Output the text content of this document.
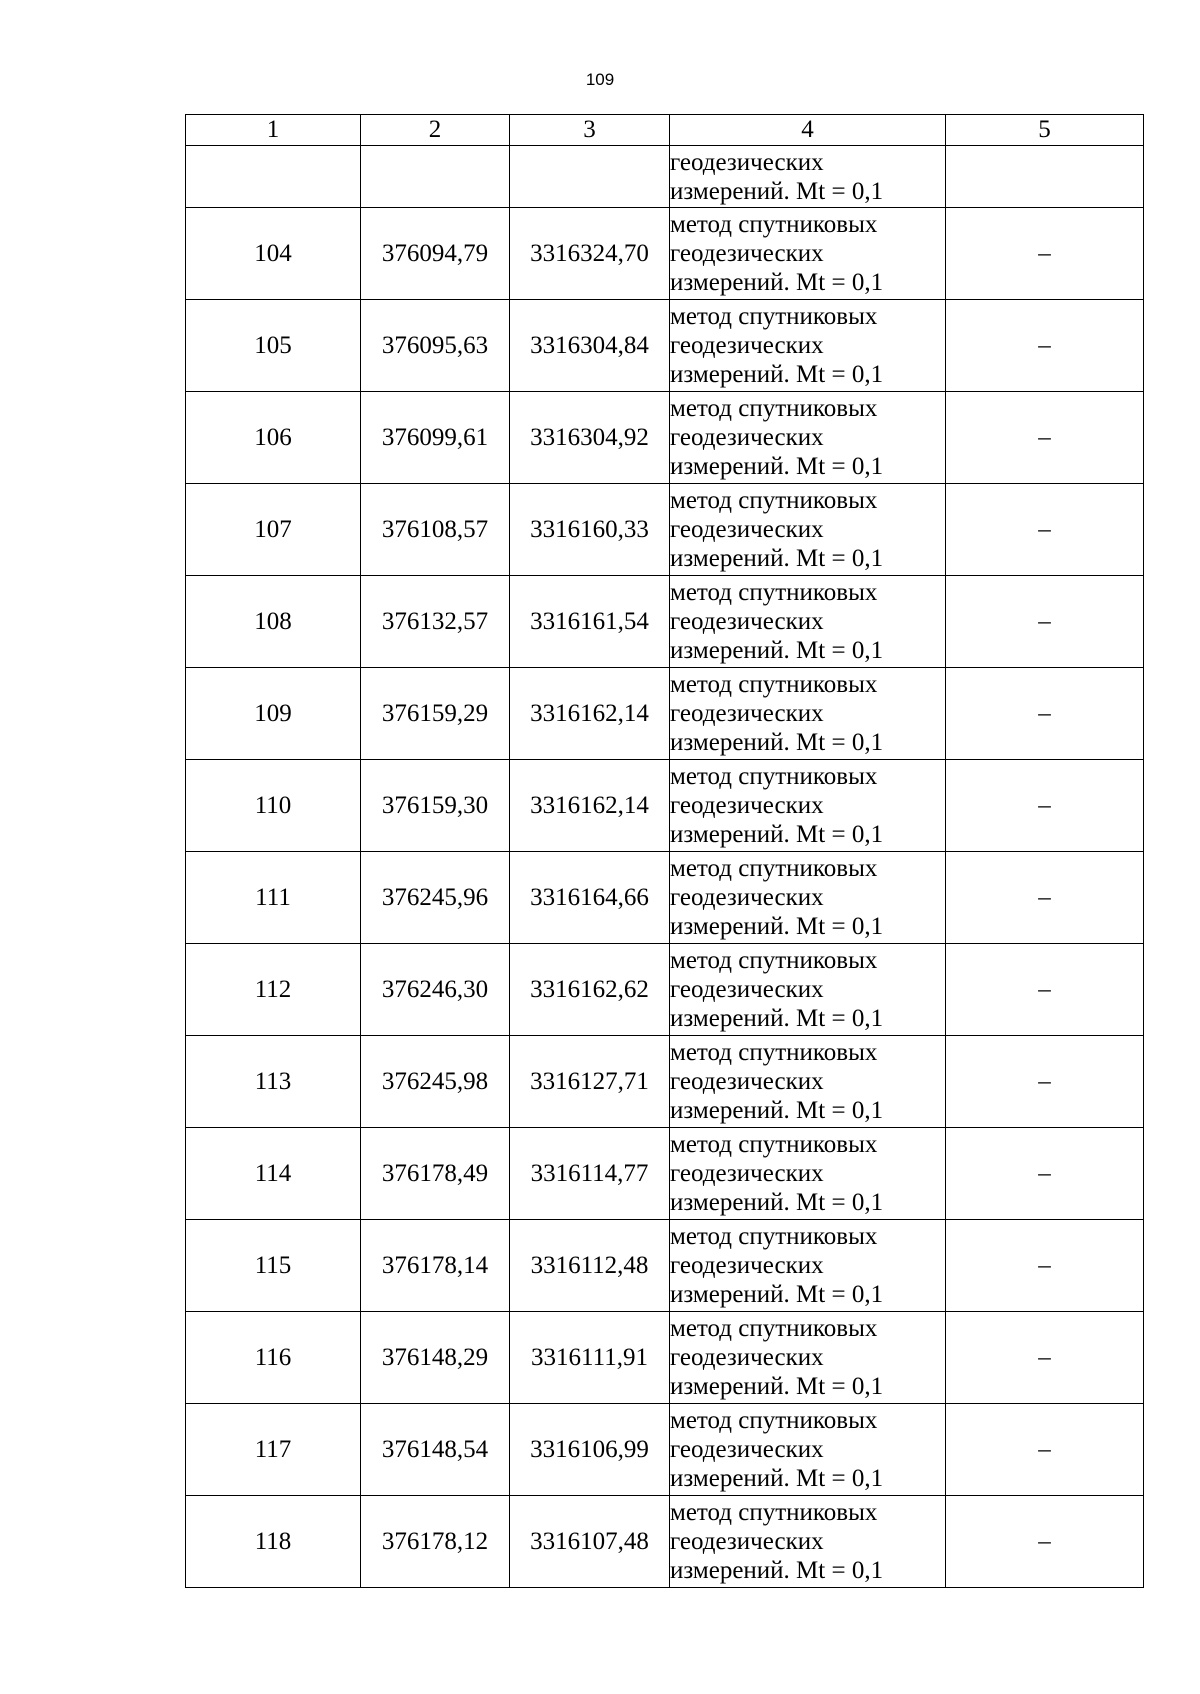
109
1	2	3	4	5

			геодезических
измерений. Mt = 0,1	

104	376094,79	3316324,70	метод спутниковых
геодезических
измерений. Mt = 0,1	–
105	376095,63	3316304,84	метод спутниковых
геодезических
измерений. Mt = 0,1	–
106	376099,61	3316304,92	метод спутниковых
геодезических
измерений. Mt = 0,1	–
107	376108,57	3316160,33	метод спутниковых
геодезических
измерений. Mt = 0,1	–
108	376132,57	3316161,54	метод спутниковых
геодезических
измерений. Mt = 0,1	–
109	376159,29	3316162,14	метод спутниковых
геодезических
измерений. Mt = 0,1	–
110	376159,30	3316162,14	метод спутниковых
геодезических
измерений. Mt = 0,1	–
111	376245,96	3316164,66	метод спутниковых
геодезических
измерений. Mt = 0,1	–
112	376246,30	3316162,62	метод спутниковых
геодезических
измерений. Mt = 0,1	–
113	376245,98	3316127,71	метод спутниковых
геодезических
измерений. Mt = 0,1	–
114	376178,49	3316114,77	метод спутниковых
геодезических
измерений. Mt = 0,1	–
115	376178,14	3316112,48	метод спутниковых
геодезических
измерений. Mt = 0,1	–
116	376148,29	3316111,91	метод спутниковых
геодезических
измерений. Mt = 0,1	–
117	376148,54	3316106,99	метод спутниковых
геодезических
измерений. Mt = 0,1	–
118	376178,12	3316107,48	метод спутниковых
геодезических
измерений. Mt = 0,1	–
